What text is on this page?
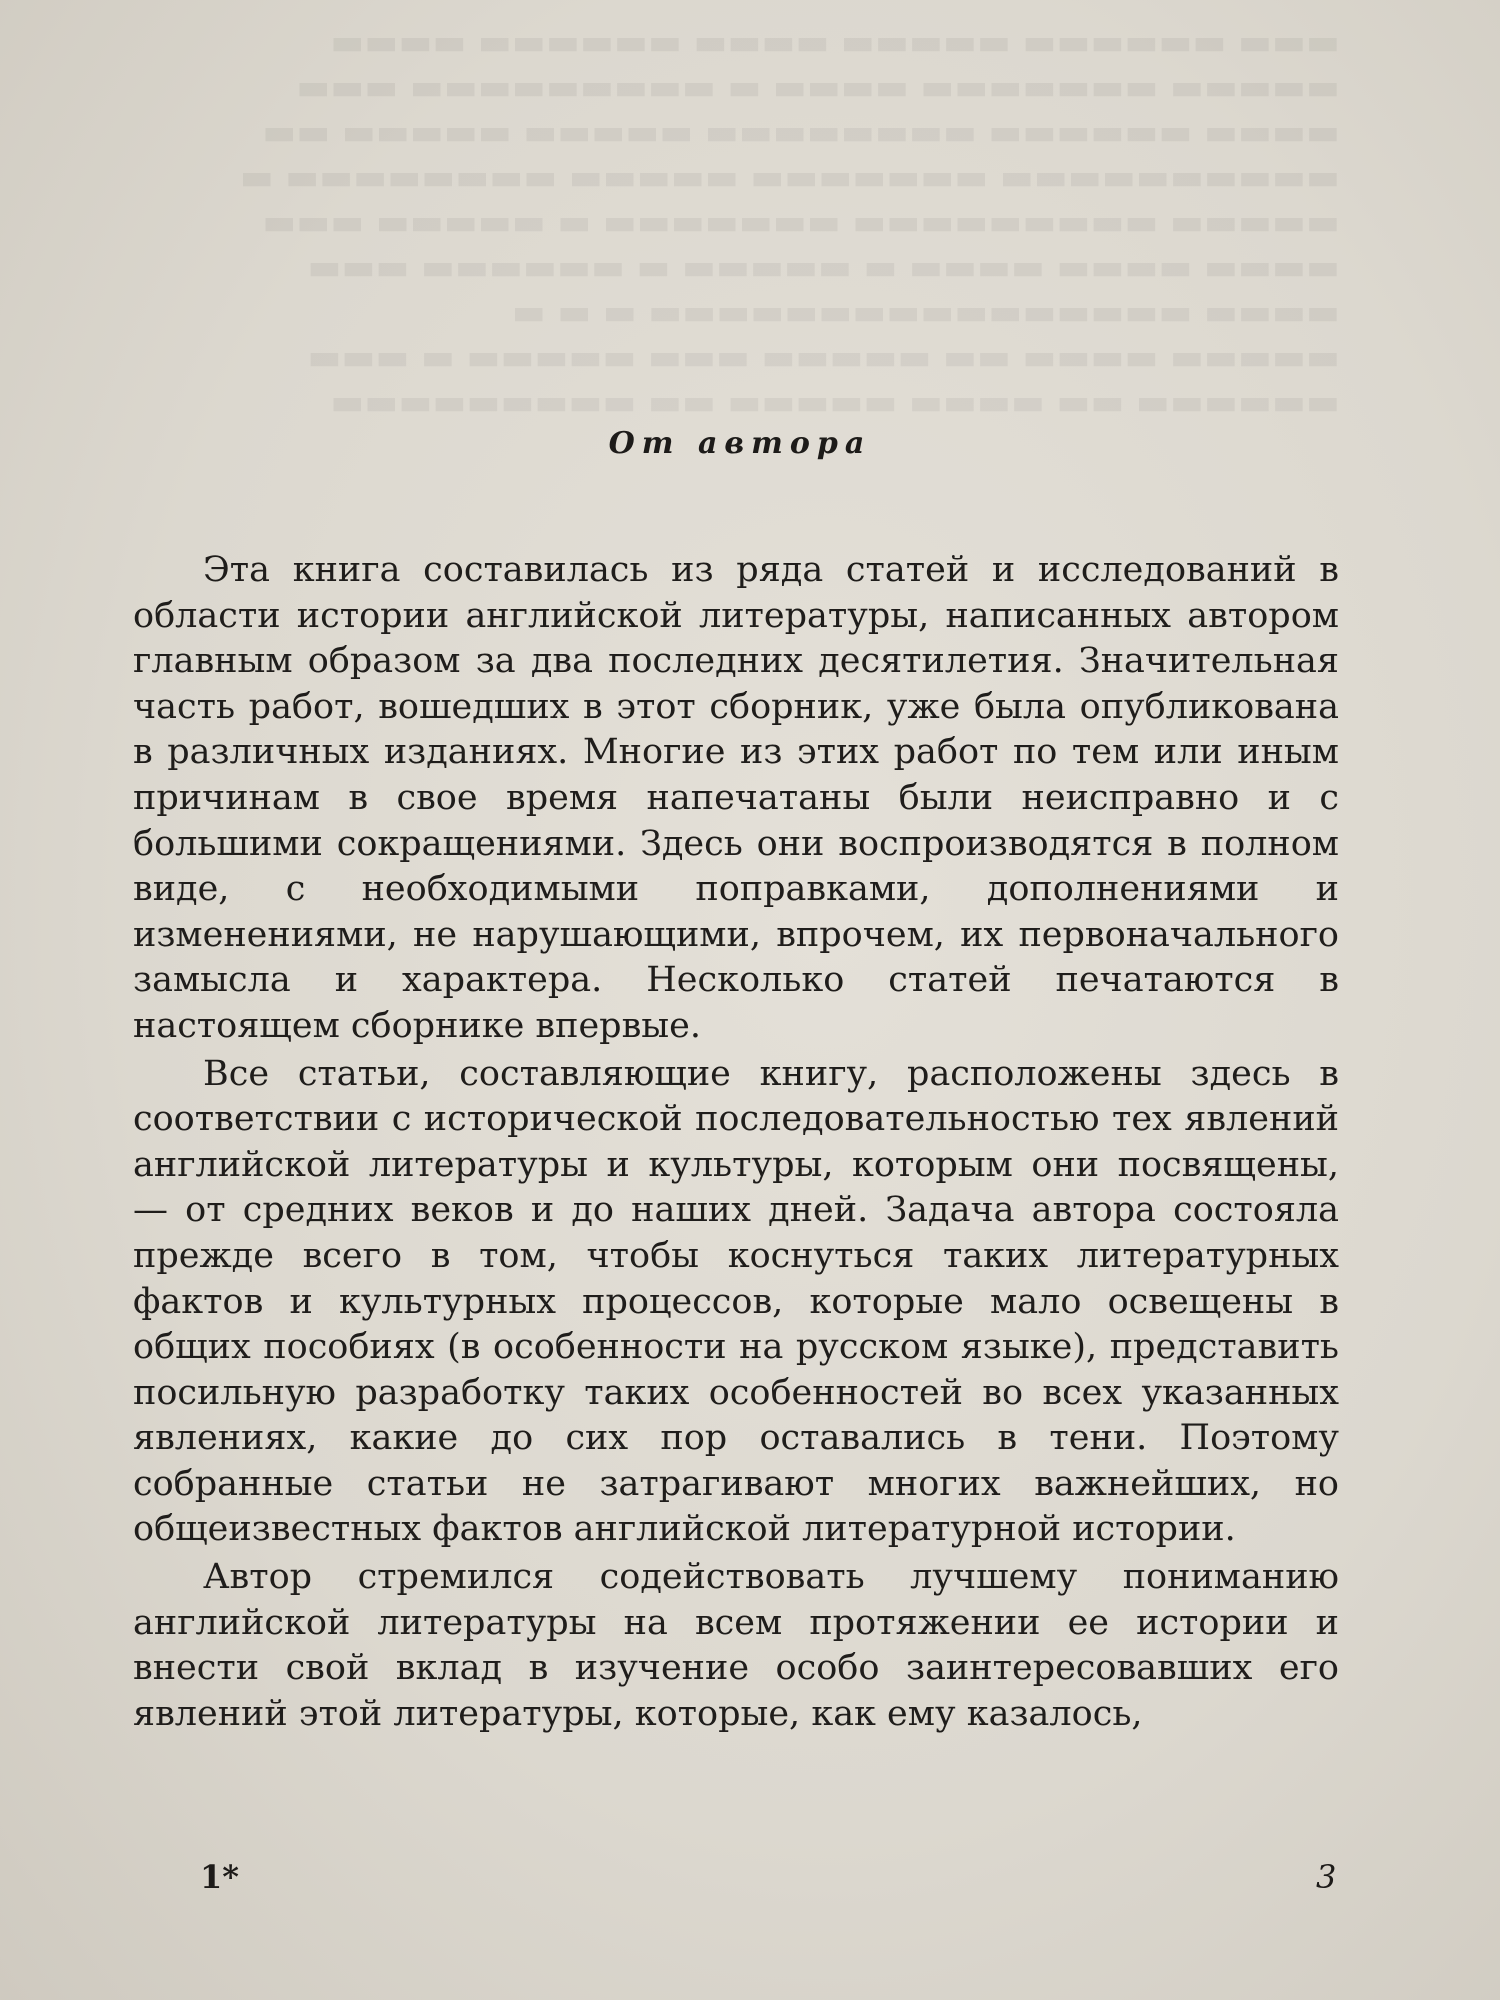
▬▬▬ ▬▬▬▬▬▬ ▬▬▬▬▬ ▬▬▬▬ ▬▬▬▬▬▬ ▬▬▬▬
▬▬▬▬▬ ▬▬▬▬▬▬▬ ▬▬▬▬ ▬ ▬▬▬▬▬▬▬▬▬ ▬▬▬
▬▬▬▬ ▬▬▬▬▬▬ ▬▬▬▬▬▬▬▬ ▬▬▬▬▬ ▬▬▬▬▬ ▬▬
▬▬▬▬▬▬▬▬▬▬ ▬▬▬▬▬▬▬ ▬▬▬▬▬ ▬▬▬▬▬▬▬▬ ▬
▬▬▬▬▬ ▬▬▬▬▬▬▬▬▬ ▬▬▬▬▬▬▬ ▬ ▬▬▬▬▬ ▬▬▬
▬▬▬▬ ▬▬▬▬ ▬▬▬▬ ▬ ▬▬▬▬▬ ▬ ▬▬▬▬▬▬ ▬▬▬
▬▬▬▬ ▬▬▬▬▬▬▬▬▬▬▬▬▬▬▬▬ ▬ ▬ ▬
▬▬▬▬▬ ▬▬▬▬ ▬▬ ▬▬▬▬▬ ▬▬▬ ▬▬▬▬▬ ▬ ▬▬▬
▬▬▬▬▬▬ ▬▬ ▬▬▬▬ ▬▬▬▬▬ ▬▬ ▬▬▬▬▬▬▬▬▬
От автора

Эта книга составилась из ряда статей и исследований в области истории английской литературы, написанных автором главным образом за два последних десятилетия. Значительная часть работ, вошедших в этот сборник, уже была опубликована в различных изданиях. Многие из этих работ по тем или иным причинам в свое время напечатаны были неисправно и с большими сокращениями. Здесь они воспроизводятся в полном виде, с необходимыми поправками, дополнениями и изменениями, не нарушающими, впрочем, их первоначального замысла и характера. Несколько статей печатаются в настоящем сборнике впервые.

Все статьи, составляющие книгу, расположены здесь в соответствии с исторической последовательностью тех явлений английской литературы и культуры, которым они посвящены, — от средних веков и до наших дней. Задача автора состояла прежде всего в том, чтобы коснуться таких литературных фактов и культурных процессов, которые мало освещены в общих пособиях (в особенности на русском языке), представить посильную разработку таких особенностей во всех указанных явлениях, какие до сих пор оставались в тени. Поэтому собранные статьи не затрагивают многих важнейших, но общеизвестных фактов английской литературной истории.

Автор стремился содействовать лучшему пониманию английской литературы на всем протяжении ее истории и внести свой вклад в изучение особо заинтересовавших его явлений этой литературы, которые, как ему казалось,

1*	3
